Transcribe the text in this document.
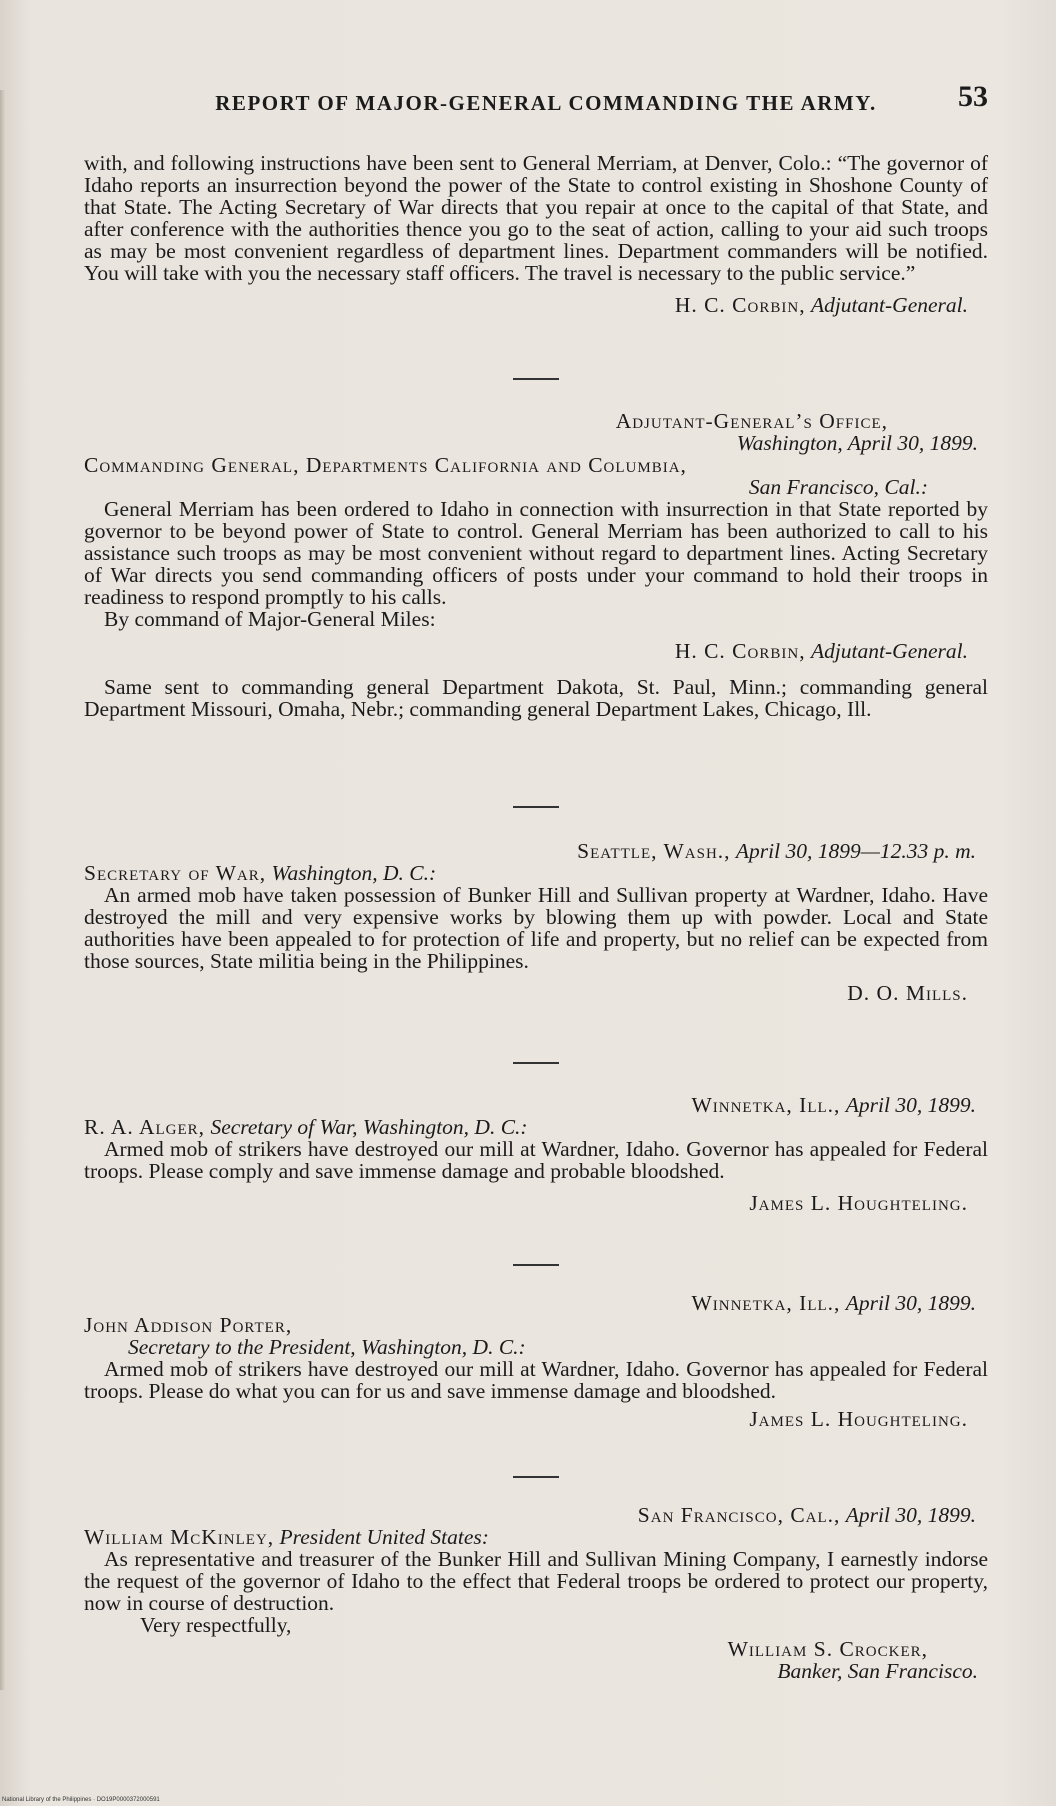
REPORT OF MAJOR-GENERAL COMMANDING THE ARMY.	53

with, and following instructions have been sent to General Merriam, at Denver, Colo.: “The governor of Idaho reports an insurrection beyond the power of the State to control existing in Shoshone County of that State. The Acting Secretary of War directs that you repair at once to the capital of that State, and after conference with the authorities thence you go to the seat of action, calling to your aid such troops as may be most convenient regardless of department lines. Department commanders will be notified. You will take with you the necessary staff officers. The travel is necessary to the public service.”

H. C. Corbin, Adjutant-General.

Adjutant-General’s Office,

Washington, April 30, 1899.

Commanding General, Departments California and Columbia,

San Francisco, Cal.:

General Merriam has been ordered to Idaho in connection with insurrection in that State reported by governor to be beyond power of State to control. General Merriam has been authorized to call to his assistance such troops as may be most convenient without regard to department lines. Acting Secretary of War directs you send commanding officers of posts under your command to hold their troops in readiness to respond promptly to his calls.

By command of Major-General Miles:

H. C. Corbin, Adjutant-General.

Same sent to commanding general Department Dakota, St. Paul, Minn.; commanding general Department Missouri, Omaha, Nebr.; commanding general Department Lakes, Chicago, Ill.

Seattle, Wash., April 30, 1899—12.33 p. m.

Secretary of War, Washington, D. C.:

An armed mob have taken possession of Bunker Hill and Sullivan property at Wardner, Idaho. Have destroyed the mill and very expensive works by blowing them up with powder. Local and State authorities have been appealed to for protection of life and property, but no relief can be expected from those sources, State militia being in the Philippines.

D. O. Mills.

Winnetka, Ill., April 30, 1899.

R. A. Alger, Secretary of War, Washington, D. C.:

Armed mob of strikers have destroyed our mill at Wardner, Idaho. Governor has appealed for Federal troops. Please comply and save immense damage and probable bloodshed.

James L. Houghteling.

Winnetka, Ill., April 30, 1899.

John Addison Porter,

Secretary to the President, Washington, D. C.:

Armed mob of strikers have destroyed our mill at Wardner, Idaho. Governor has appealed for Federal troops. Please do what you can for us and save immense damage and bloodshed.

James L. Houghteling.

San Francisco, Cal., April 30, 1899.

William McKinley, President United States:

As representative and treasurer of the Bunker Hill and Sullivan Mining Company, I earnestly indorse the request of the governor of Idaho to the effect that Federal troops be ordered to protect our property, now in course of destruction.

Very respectfully,

William S. Crocker,

Banker, San Francisco.

National Library of the Philippines · DO19P0000372000591
